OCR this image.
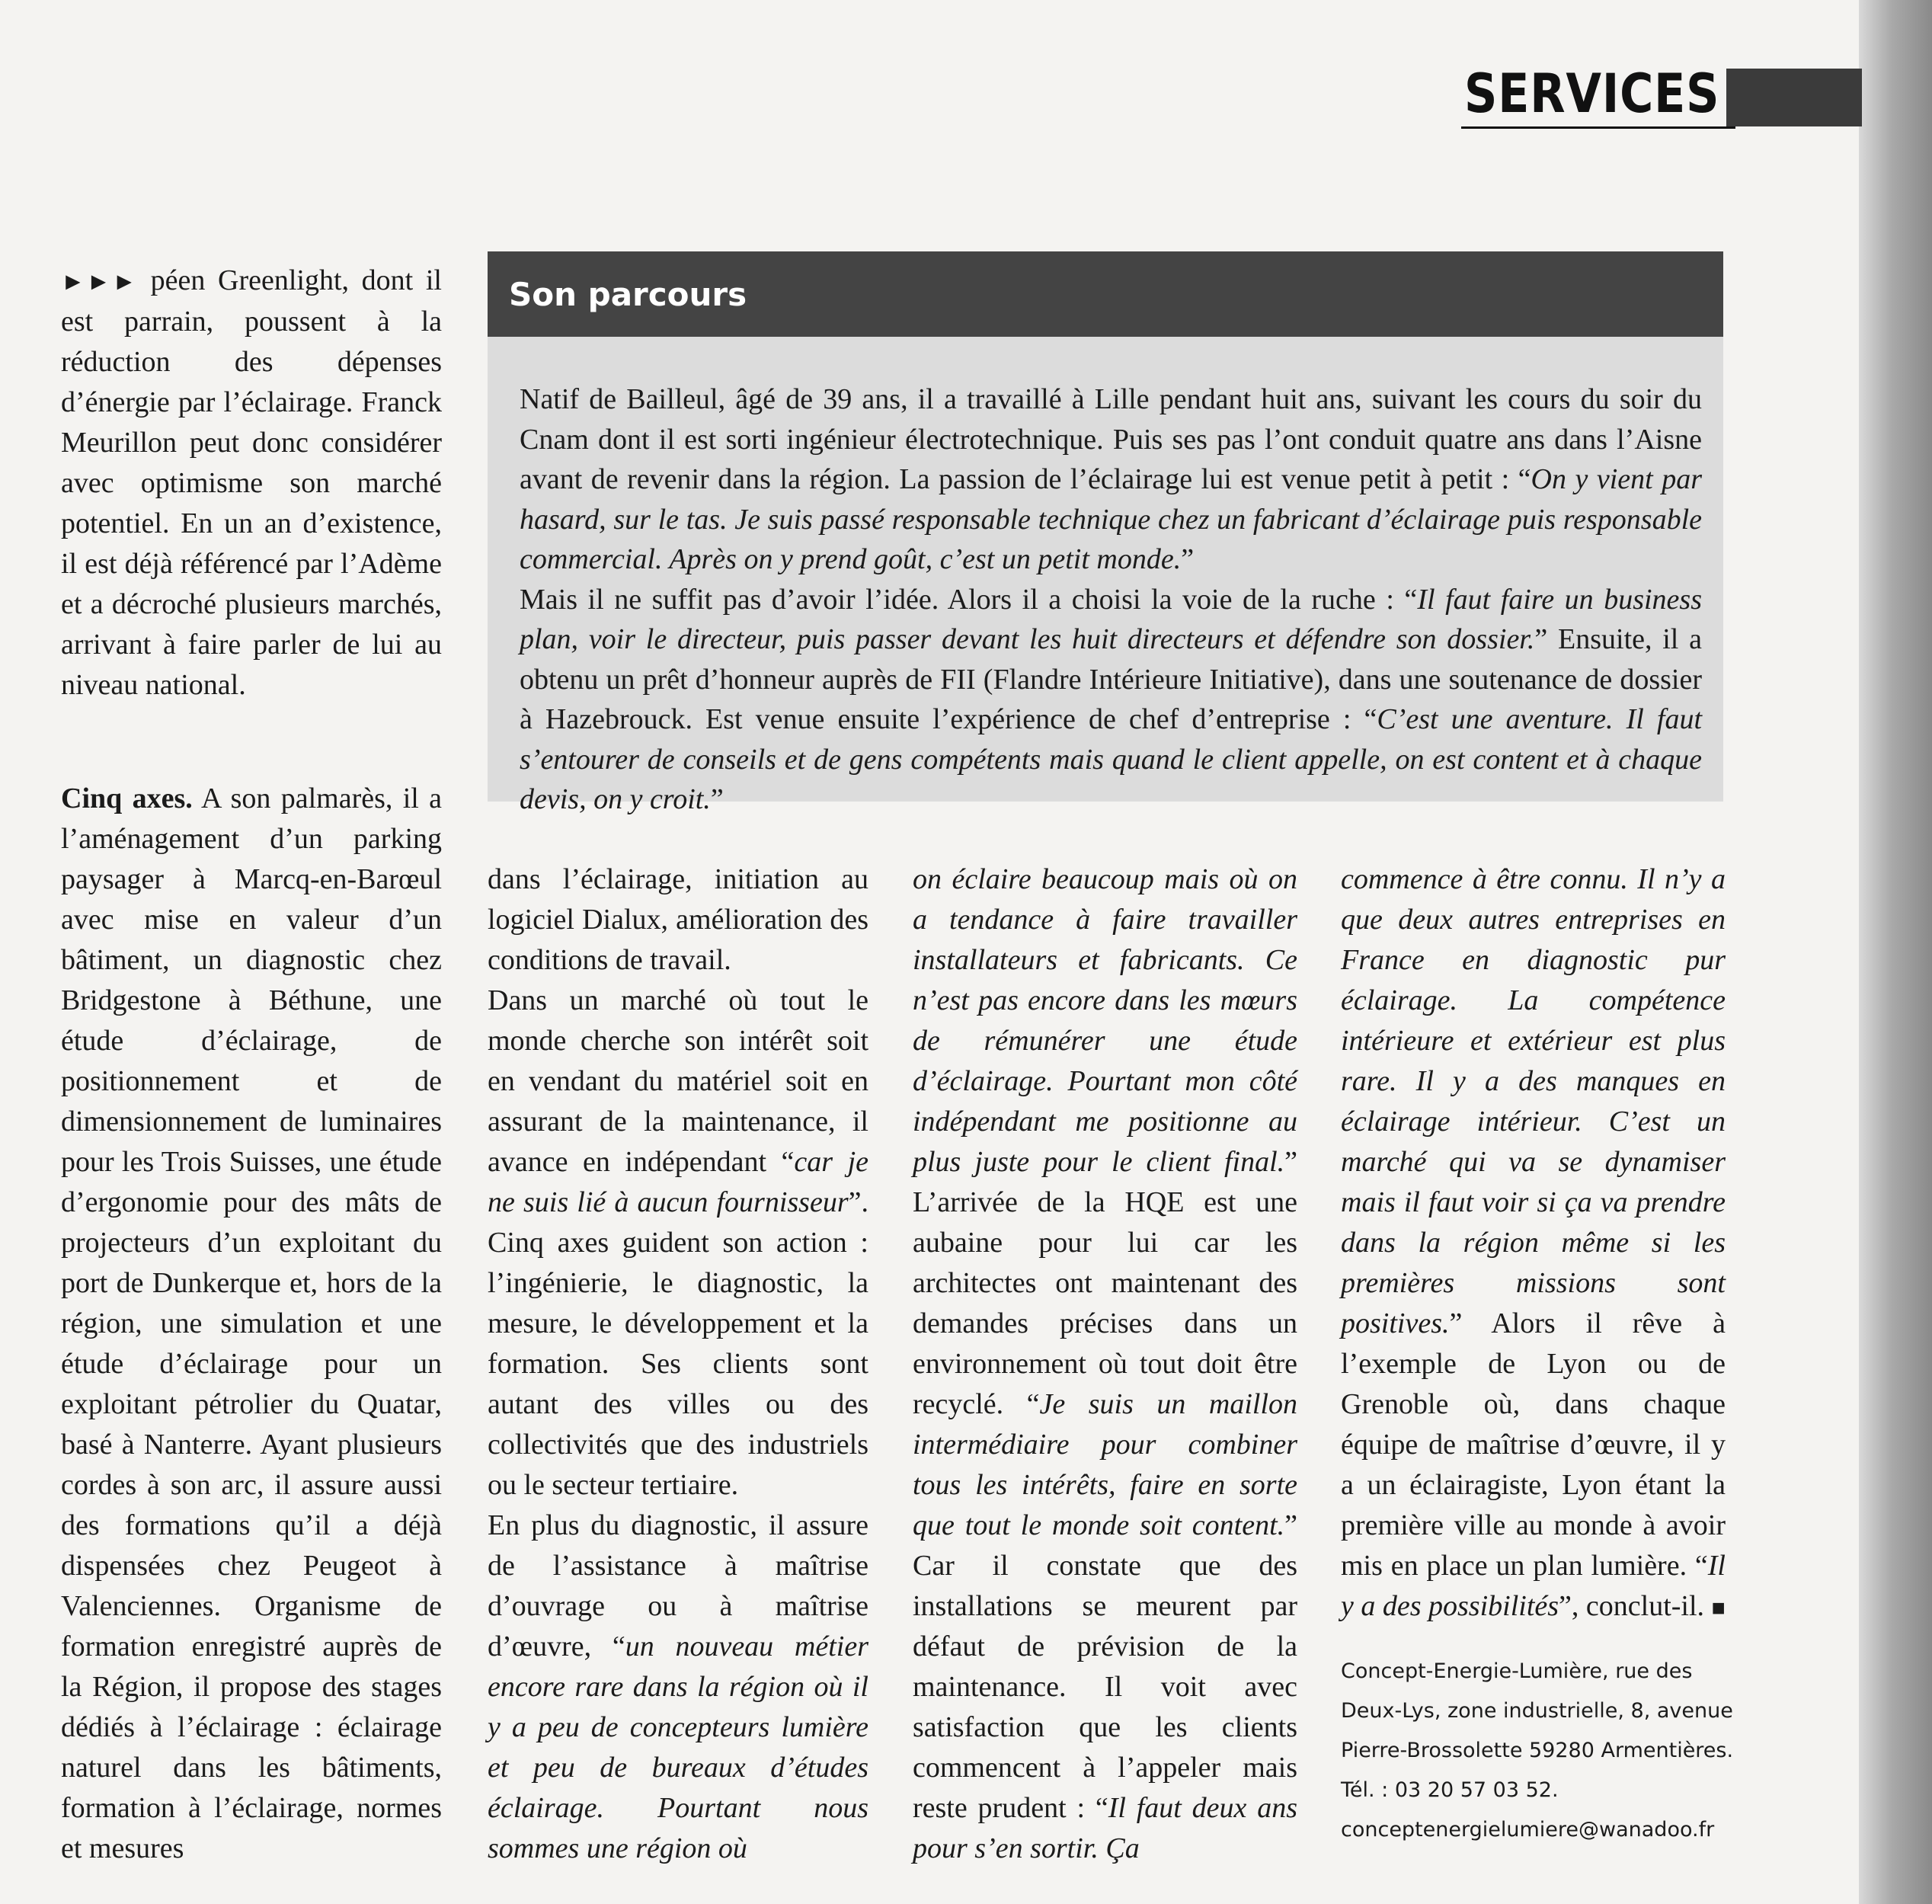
SERVICES
Son parcours
Natif de Bailleul, âgé de 39 ans, il a travaillé à Lille pendant huit ans, suivant les cours du soir du Cnam dont il est sorti ingénieur électrotechnique. Puis ses pas l’ont conduit quatre ans dans l’Aisne avant de revenir dans la région. La passion de l’éclairage lui est venue petit à petit : “On y vient par hasard, sur le tas. Je suis passé responsable technique chez un fabricant d’éclairage puis responsable commercial. Après on y prend goût, c’est un petit monde.”
Mais il ne suffit pas d’avoir l’idée. Alors il a choisi la voie de la ruche : “Il faut faire un business plan, voir le directeur, puis passer devant les huit directeurs et défendre son dossier.” Ensuite, il a obtenu un prêt d’honneur auprès de FII (Flandre Intérieure Initiative), dans une soutenance de dossier à Hazebrouck. Est venue ensuite l’expérience de chef d’entreprise : “C’est une aventure. Il faut s’entourer de conseils et de gens compétents mais quand le client appelle, on est content et à chaque devis, on y croit.”

►►► péen Greenlight, dont il est parrain, poussent à la réduction des dépenses d’énergie par l’éclairage. Franck Meurillon peut donc considérer avec optimisme son marché potentiel. En un an d’existence, il est déjà référencé par l’Adème et a décroché plusieurs marchés, arrivant à faire parler de lui au niveau national.

Cinq axes. A son palmarès, il a l’aménagement d’un parking paysager à Marcq-en-Barœul avec mise en valeur d’un bâtiment, un diagnostic chez Bridgestone à Béthune, une étude d’éclairage, de positionnement et de dimensionnement de luminaires pour les Trois Suisses, une étude d’ergonomie pour des mâts de projecteurs d’un exploitant du port de Dunkerque et, hors de la région, une simulation et une étude d’éclairage pour un exploitant pétrolier du Quatar, basé à Nanterre. Ayant plusieurs cordes à son arc, il assure aussi des formations qu’il a déjà dispensées chez Peugeot à Valenciennes. Organisme de formation enregistré auprès de la Région, il propose des stages dédiés à l’éclairage : éclairage naturel dans les bâtiments, formation à l’éclairage, normes et mesures

dans l’éclairage, initiation au logiciel Dialux, amélioration des conditions de travail.

Dans un marché où tout le monde cherche son intérêt soit en vendant du matériel soit en assurant de la maintenance, il avance en indépendant “car je ne suis lié à aucun fournisseur”. Cinq axes guident son action : l’ingénierie, le diagnostic, la mesure, le développement et la formation. Ses clients sont autant des villes ou des collectivités que des industriels ou le secteur tertiaire.

En plus du diagnostic, il assure de l’assistance à maîtrise d’ouvrage ou à maîtrise d’œuvre, “un nouveau métier encore rare dans la région où il y a peu de concepteurs lumière et peu de bureaux d’études éclairage. Pourtant nous sommes une région où

on éclaire beaucoup mais où on a tendance à faire travailler installateurs et fabricants. Ce n’est pas encore dans les mœurs de rémunérer une étude d’éclairage. Pourtant mon côté indépendant me positionne au plus juste pour le client final.” L’arrivée de la HQE est une aubaine pour lui car les architectes ont maintenant des demandes précises dans un environnement où tout doit être recyclé. “Je suis un maillon intermédiaire pour combiner tous les intérêts, faire en sorte que tout le monde soit content.” Car il constate que des installations se meurent par défaut de prévision de la maintenance. Il voit avec satisfaction que les clients commencent à l’appeler mais reste prudent : “Il faut deux ans pour s’en sortir. Ça

commence à être connu. Il n’y a que deux autres entreprises en France en diagnostic pur éclairage. La compétence intérieure et extérieur est plus rare. Il y a des manques en éclairage intérieur. C’est un marché qui va se dynamiser mais il faut voir si ça va prendre dans la région même si les premières missions sont positives.” Alors il rêve à l’exemple de Lyon ou de Grenoble où, dans chaque équipe de maîtrise d’œuvre, il y a un éclairagiste, Lyon étant la première ville au monde à avoir mis en place un plan lumière. “Il y a des possibilités”, conclut-il. ■

Concept-Energie-Lumière, rue des
Deux-Lys, zone industrielle, 8, avenue
Pierre-Brossolette 59280 Armentières.
Tél. : 03 20 57 03 52.
conceptenergielumiere@wanadoo.fr
